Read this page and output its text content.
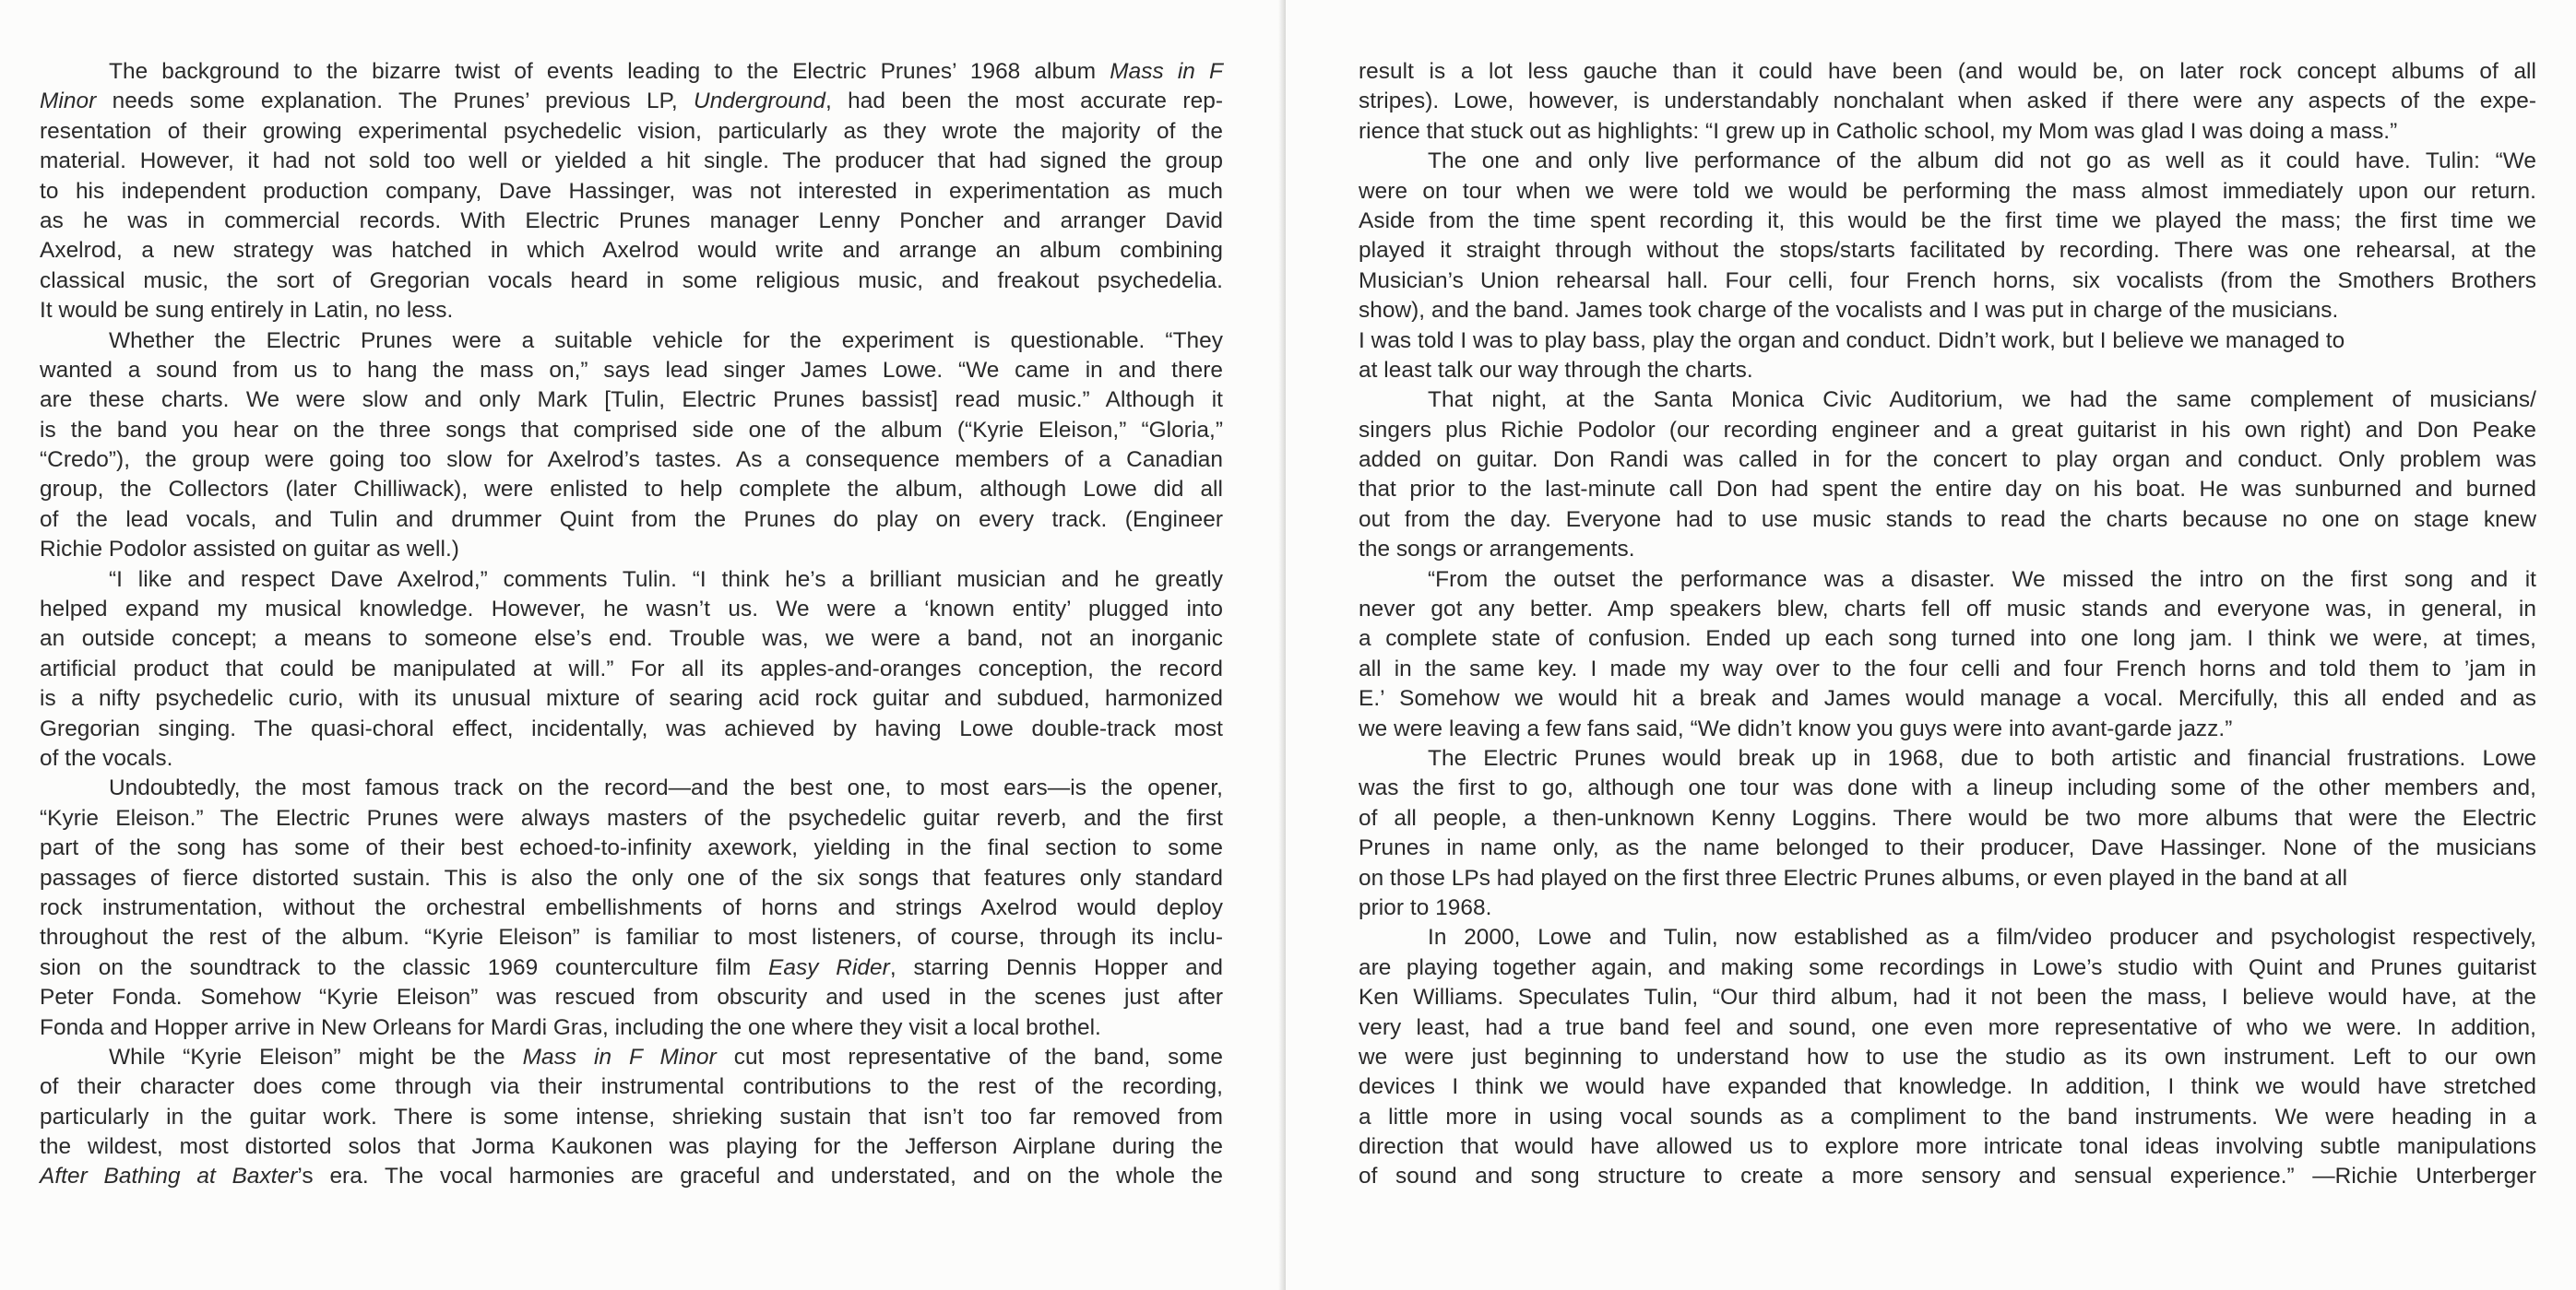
The background to the bizarre twist of events leading to the Electric Prunes’ 1968 album Mass in F
Minor needs some explanation. The Prunes’ previous LP, Underground, had been the most accurate rep-
resentation of their growing experimental psychedelic vision, particularly as they wrote the majority of the
material. However, it had not sold too well or yielded a hit single. The producer that had signed the group
to his independent production company, Dave Hassinger, was not interested in experimentation as much
as he was in commercial records. With Electric Prunes manager Lenny Poncher and arranger David
Axelrod, a new strategy was hatched in which Axelrod would write and arrange an album combining
classical music, the sort of Gregorian vocals heard in some religious music, and freakout psychedelia.
It would be sung entirely in Latin, no less.
Whether the Electric Prunes were a suitable vehicle for the experiment is questionable. “They
wanted a sound from us to hang the mass on,” says lead singer James Lowe. “We came in and there
are these charts. We were slow and only Mark [Tulin, Electric Prunes bassist] read music.” Although it
is the band you hear on the three songs that comprised side one of the album (“Kyrie Eleison,” “Gloria,”
“Credo”), the group were going too slow for Axelrod’s tastes. As a consequence members of a Canadian
group, the Collectors (later Chilliwack), were enlisted to help complete the album, although Lowe did all
of the lead vocals, and Tulin and drummer Quint from the Prunes do play on every track. (Engineer
Richie Podolor assisted on guitar as well.)
“I like and respect Dave Axelrod,” comments Tulin. “I think he’s a brilliant musician and he greatly
helped expand my musical knowledge. However, he wasn’t us. We were a ‘known entity’ plugged into
an outside concept; a means to someone else’s end. Trouble was, we were a band, not an inorganic
artificial product that could be manipulated at will.” For all its apples-and-oranges conception, the record
is a nifty psychedelic curio, with its unusual mixture of searing acid rock guitar and subdued, harmonized
Gregorian singing. The quasi-choral effect, incidentally, was achieved by having Lowe double-track most
of the vocals.
Undoubtedly, the most famous track on the record—and the best one, to most ears—is the opener,
“Kyrie Eleison.” The Electric Prunes were always masters of the psychedelic guitar reverb, and the first
part of the song has some of their best echoed-to-infinity axework, yielding in the final section to some
passages of fierce distorted sustain. This is also the only one of the six songs that features only standard
rock instrumentation, without the orchestral embellishments of horns and strings Axelrod would deploy
throughout the rest of the album. “Kyrie Eleison” is familiar to most listeners, of course, through its inclu-
sion on the soundtrack to the classic 1969 counterculture film Easy Rider, starring Dennis Hopper and
Peter Fonda. Somehow “Kyrie Eleison” was rescued from obscurity and used in the scenes just after
Fonda and Hopper arrive in New Orleans for Mardi Gras, including the one where they visit a local brothel.
While “Kyrie Eleison” might be the Mass in F Minor cut most representative of the band, some
of their character does come through via their instrumental contributions to the rest of the recording,
particularly in the guitar work. There is some intense, shrieking sustain that isn’t too far removed from
the wildest, most distorted solos that Jorma Kaukonen was playing for the Jefferson Airplane during the
After Bathing at Baxter’s era. The vocal harmonies are graceful and understated, and on the whole the
result is a lot less gauche than it could have been (and would be, on later rock concept albums of all
stripes). Lowe, however, is understandably nonchalant when asked if there were any aspects of the expe-
rience that stuck out as highlights: “I grew up in Catholic school, my Mom was glad I was doing a mass.”
The one and only live performance of the album did not go as well as it could have. Tulin: “We
were on tour when we were told we would be performing the mass almost immediately upon our return.
Aside from the time spent recording it, this would be the first time we played the mass; the first time we
played it straight through without the stops/starts facilitated by recording. There was one rehearsal, at the
Musician’s Union rehearsal hall. Four celli, four French horns, six vocalists (from the Smothers Brothers
show), and the band. James took charge of the vocalists and I was put in charge of the musicians.
I was told I was to play bass, play the organ and conduct. Didn’t work, but I believe we managed to
at least talk our way through the charts.
That night, at the Santa Monica Civic Auditorium, we had the same complement of musicians/
singers plus Richie Podolor (our recording engineer and a great guitarist in his own right) and Don Peake
added on guitar. Don Randi was called in for the concert to play organ and conduct. Only problem was
that prior to the last-minute call Don had spent the entire day on his boat. He was sunburned and burned
out from the day. Everyone had to use music stands to read the charts because no one on stage knew
the songs or arrangements.
“From the outset the performance was a disaster. We missed the intro on the first song and it
never got any better. Amp speakers blew, charts fell off music stands and everyone was, in general, in
a complete state of confusion. Ended up each song turned into one long jam. I think we were, at times,
all in the same key. I made my way over to the four celli and four French horns and told them to ’jam in
E.’ Somehow we would hit a break and James would manage a vocal. Mercifully, this all ended and as
we were leaving a few fans said, “We didn’t know you guys were into avant-garde jazz.”
The Electric Prunes would break up in 1968, due to both artistic and financial frustrations. Lowe
was the first to go, although one tour was done with a lineup including some of the other members and,
of all people, a then-unknown Kenny Loggins. There would be two more albums that were the Electric
Prunes in name only, as the name belonged to their producer, Dave Hassinger. None of the musicians
on those LPs had played on the first three Electric Prunes albums, or even played in the band at all
prior to 1968.
In 2000, Lowe and Tulin, now established as a film/video producer and psychologist respectively,
are playing together again, and making some recordings in Lowe’s studio with Quint and Prunes guitarist
Ken Williams. Speculates Tulin, “Our third album, had it not been the mass, I believe would have, at the
very least, had a true band feel and sound, one even more representative of who we were. In addition,
we were just beginning to understand how to use the studio as its own instrument. Left to our own
devices I think we would have expanded that knowledge. In addition, I think we would have stretched
a little more in using vocal sounds as a compliment to the band instruments. We were heading in a
direction that would have allowed us to explore more intricate tonal ideas involving subtle manipulations
of sound and song structure to create a more sensory and sensual experience.” —Richie Unterberger
